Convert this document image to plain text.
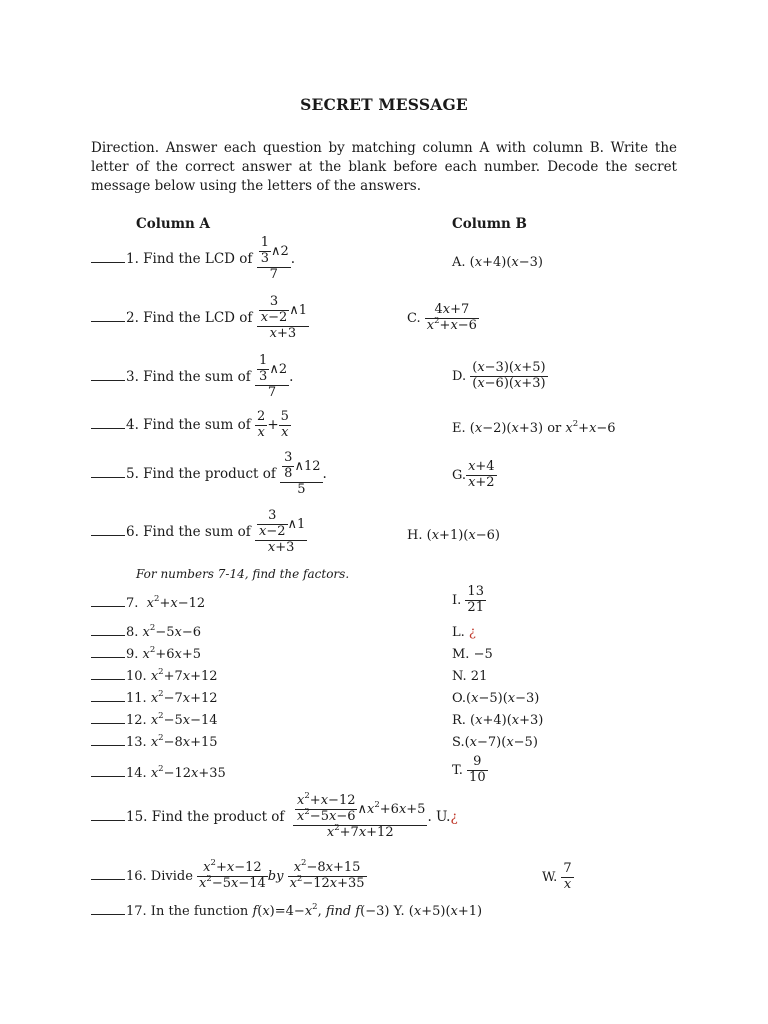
SECRET MESSAGE
Direction. Answer each question by matching column A with column B. Write the letter of the correct answer at the blank before each number. Decode the secret message below using the letters of the answers.
Column A	Column B
1. Find the LCD of $\frac{\frac{1}{3} \wedge 2}{7}$ .	A. (x+4)(x−3)
2. Find the LCD of $\frac{\frac{3}{x-2} \wedge 1}{x+3}$	C. $\frac{4x+7}{x^2+x-6}$
3. Find the sum of $\frac{\frac{1}{3} \wedge 2}{7}$ .	D. $\frac{(x-3)(x+5)}{(x-6)(x+3)}$
4. Find the sum of $\frac{2}{x} + \frac{5}{x}$	E. (x−2)(x+3) or $x^2+x-6$
5. Find the product of $\frac{\frac{3}{8} \wedge 12}{5}$ .	G. $\frac{x+4}{x+2}$
6. Find the sum of $\frac{\frac{3}{x-2} \wedge 1}{x+3}$	H. (x+1)(x−6)
For numbers 7-14, find the factors.
7. $x^2+x-12$	I. $\frac{13}{21}$
8. $x^2-5x-6$	L. ¿
9. $x^2+6x+5$	M. −5
10. $x^2+7x+12$	N. 21
11. $x^2-7x+12$	O.(x−5)(x−3)
12. $x^2-5x-14$	R. (x+4)(x+3)
13. $x^2-8x+15$	S.(x−7)(x−5)
14. $x^2-12x+35$	T. $\frac{9}{10}$
15. Find the product of $\frac{\frac{x^2+x-12}{x^2-5x-6} \wedge x^2+6x+5}{x^2+7x+12}$ . U.¿
16. Divide $\frac{x^2+x-12}{x^2-5x-14}$ by $\frac{x^2-8x+15}{x^2-12x+35}$	W. $\frac{7}{x}$
17. In the function $f(x)=4-x^2$, find f(−3) Y. (x+5)(x+1)
